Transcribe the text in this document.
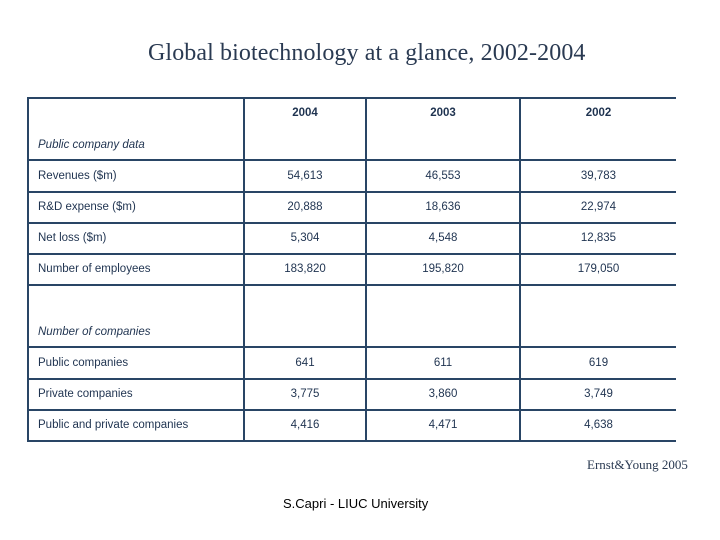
Global biotechnology at a glance, 2002-2004
Public company data	2004	2003	2002
Revenues ($m)	54,613	46,553	39,783
R&D expense ($m)	20,888	18,636	22,974
Net loss ($m)	5,304	4,548	12,835
Number of employees	183,820	195,820	179,050
Number of companies			
Public companies	641	611	619
Private companies	3,775	3,860	3,749
Public and private companies	4,416	4,471	4,638
Ernst&Young 2005
S.Capri - LIUC University
